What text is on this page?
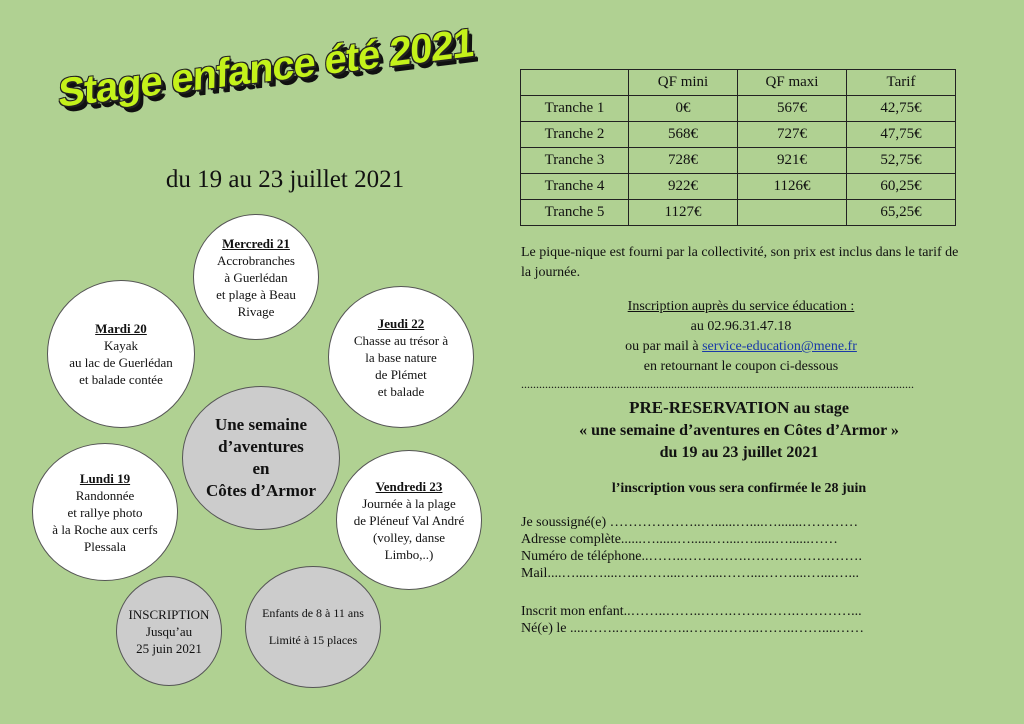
Stage enfance été 2021
du 19 au 23 juillet 2021
Mercredi 21
Accrobranches
à Guerlédan
et plage à Beau
Rivage
Mardi 20
Kayak
au lac de Guerlédan
et balade contée
Jeudi 22
Chasse au trésor à
la base nature
de Plémet
et balade
Une semaine
d’aventures
en
Côtes d’Armor
Lundi 19
Randonnée
et rallye photo
à la Roche aux cerfs
Plessala
Vendredi 23
Journée à la plage
de Pléneuf Val André
(volley, danse
Limbo,..)
INSCRIPTION
Jusqu’au
25 juin 2021
Enfants de 8 à 11 ans
Limité à 15 places
	QF mini	QF maxi	Tarif
Tranche 1	0€	567€	42,75€
Tranche 2	568€	727€	47,75€
Tranche 3	728€	921€	52,75€
Tranche 4	922€	1126€	60,25€
Tranche 5	1127€		65,25€
Le pique-nique est fourni par la collectivité, son prix est inclus dans le tarif de la journée.
Inscription auprès du service éducation :
au 02.96.31.47.18
ou par mail à service-education@mene.fr
en retournant le coupon ci-dessous
...................................................................................................................................
PRE-RESERVATION au stage
« une semaine d’aventures en Côtes d’Armor »
du 19 au 23 juillet 2021
l’inscription vous sera confirmée le 28 juin
Je soussigné(e) ………………..…......…....….......…………
Adresse complète......…......…......…....…......…......……
Numéro de téléphone..……..…….…….…………………….
Mail....…....…....…..……....……....……....……....…....…...
Inscrit mon enfant..……..……..…….…….…….…………...
Né(e) le ....……..……..……..……..……..……..……....……
